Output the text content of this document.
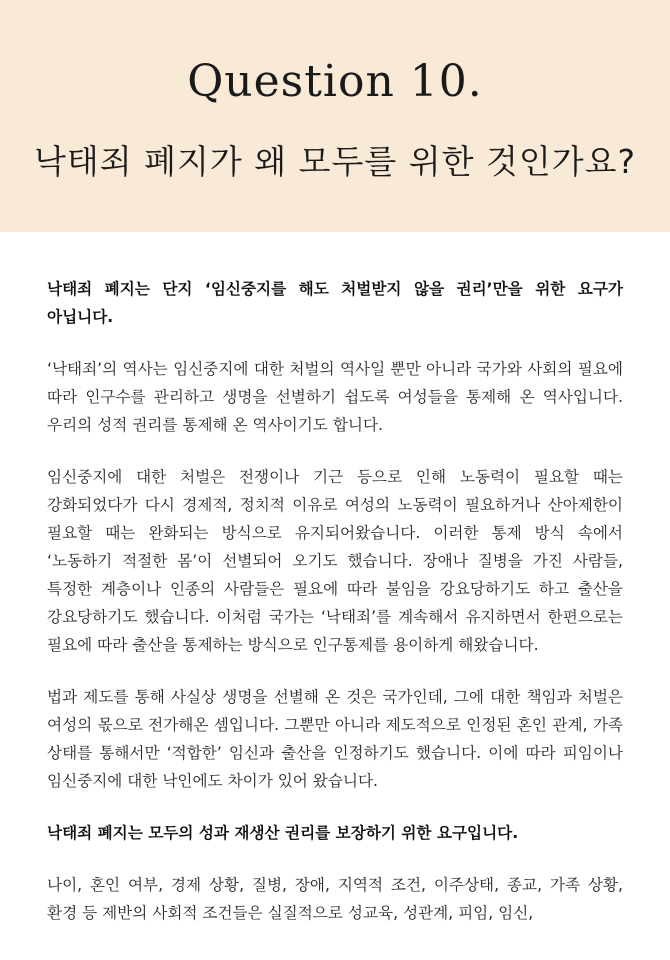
Question 10.
낙태죄 폐지가 왜 모두를 위한 것인가요?

낙태죄 폐지는 단지 ‘임신중지를 해도 처벌받지 않을 권리’만을 위한 요구가 아닙니다.

‘낙태죄’의 역사는 임신중지에 대한 처벌의 역사일 뿐만 아니라 국가와 사회의 필요에 따라 인구수를 관리하고 생명을 선별하기 쉽도록 여성들을 통제해 온 역사입니다. 우리의 성적 권리를 통제해 온 역사이기도 합니다.

임신중지에 대한 처벌은 전쟁이나 기근 등으로 인해 노동력이 필요할 때는 강화되었다가 다시 경제적, 정치적 이유로 여성의 노동력이 필요하거나 산아제한이 필요할 때는 완화되는 방식으로 유지되어왔습니다. 이러한 통제 방식 속에서 ‘노동하기 적절한 몸’이 선별되어 오기도 했습니다. 장애나 질병을 가진 사람들, 특정한 계층이나 인종의 사람들은 필요에 따라 불임을 강요당하기도 하고 출산을 강요당하기도 했습니다. 이처럼 국가는 ‘낙태죄’를 계속해서 유지하면서 한편으로는 필요에 따라 출산을 통제하는 방식으로 인구통제를 용이하게 해왔습니다.

법과 제도를 통해 사실상 생명을 선별해 온 것은 국가인데, 그에 대한 책임과 처벌은 여성의 몫으로 전가해온 셈입니다. 그뿐만 아니라 제도적으로 인정된 혼인 관계, 가족 상태를 통해서만 ‘적합한’ 임신과 출산을 인정하기도 했습니다. 이에 따라 피임이나 임신중지에 대한 낙인에도 차이가 있어 왔습니다.

낙태죄 폐지는 모두의 성과 재생산 권리를 보장하기 위한 요구입니다.

나이, 혼인 여부, 경제 상황, 질병, 장애, 지역적 조건, 이주상태, 종교, 가족 상황, 환경 등 제반의 사회적 조건들은 실질적으로 성교육, 성관계, 피임, 임신,
